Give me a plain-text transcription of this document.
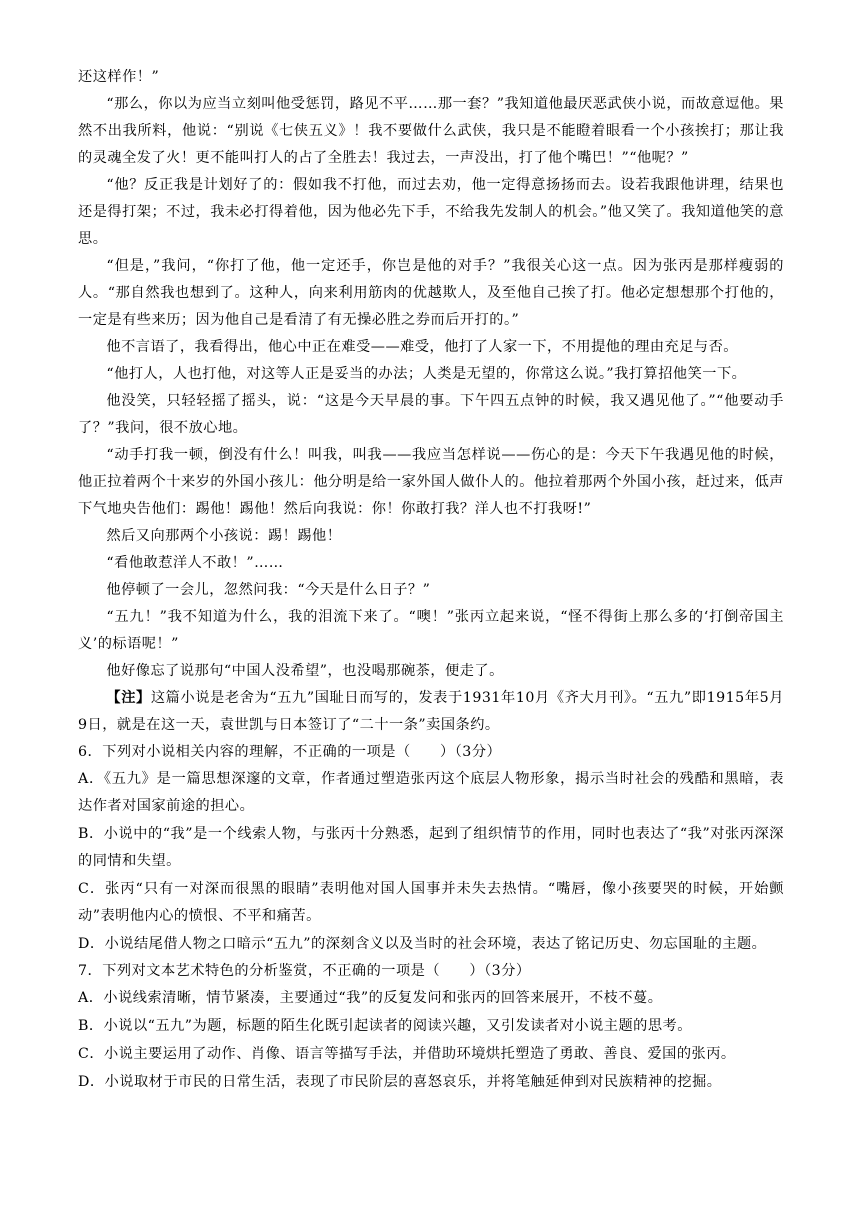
还这样作！”

“那么，你以为应当立刻叫他受惩罚，路见不平……那一套？”我知道他最厌恶武侠小说，而故意逗他。果然不出我所料，他说：“别说《七侠五义》！我不要做什么武侠，我只是不能瞪着眼看一个小孩挨打；那让我的灵魂全发了火！更不能叫打人的占了全胜去！我过去，一声没出，打了他个嘴巴！”“他呢？”

“他？反正我是计划好了的：假如我不打他，而过去劝，他一定得意扬扬而去。设若我跟他讲理，结果也还是得打架；不过，我未必打得着他，因为他必先下手，不给我先发制人的机会。”他又笑了。我知道他笑的意思。

“但是，”我问，“你打了他，他一定还手，你岂是他的对手？”我很关心这一点。因为张丙是那样瘦弱的人。“那自然我也想到了。这种人，向来利用筋肉的优越欺人，及至他自己挨了打。他必定想想那个打他的，一定是有些来历；因为他自己是看清了有无操必胜之券而后开打的。”

他不言语了，我看得出，他心中正在难受——难受，他打了人家一下，不用提他的理由充足与否。

“他打人，人也打他，对这等人正是妥当的办法；人类是无望的，你常这么说。”我打算招他笑一下。

他没笑，只轻轻摇了摇头，说：“这是今天早晨的事。下午四五点钟的时候，我又遇见他了。”“他要动手了？”我问，很不放心地。

“动手打我一顿，倒没有什么！叫我，叫我——我应当怎样说——伤心的是：今天下午我遇见他的时候，他正拉着两个十来岁的外国小孩儿：他分明是给一家外国人做仆人的。他拉着那两个外国小孩，赶过来，低声下气地央告他们：踢他！踢他！然后向我说：你！你敢打我？洋人也不打我呀!”

然后又向那两个小孩说：踢！踢他！

“看他敢惹洋人不敢！”……

他停顿了一会儿，忽然问我：“今天是什么日子？”

“五九！”我不知道为什么，我的泪流下来了。“噢！”张丙立起来说，“怪不得街上那么多的‘打倒帝国主义’的标语呢！”

他好像忘了说那句“中国人没希望”，也没喝那碗茶，便走了。

【注】这篇小说是老舍为“五九”国耻日而写的，发表于1931年10月《齐大月刊》。“五九”即1915年5月9日，就是在这一天，袁世凯与日本签订了“二十一条”卖国条约。

6．下列对小说相关内容的理解，不正确的一项是（　　）（3分）

A．《五九》是一篇思想深邃的文章，作者通过塑造张丙这个底层人物形象，揭示当时社会的残酷和黑暗，表达作者对国家前途的担心。

B．小说中的“我”是一个线索人物，与张丙十分熟悉，起到了组织情节的作用，同时也表达了“我”对张丙深深的同情和失望。

C．张丙“只有一对深而很黑的眼睛”表明他对国人国事并未失去热情。“嘴唇，像小孩要哭的时候，开始颤动”表明他内心的愤恨、不平和痛苦。

D．小说结尾借人物之口暗示“五九”的深刻含义以及当时的社会环境，表达了铭记历史、勿忘国耻的主题。

7．下列对文本艺术特色的分析鉴赏，不正确的一项是（　　）（3分）

A．小说线索清晰，情节紧凑，主要通过“我”的反复发问和张丙的回答来展开，不枝不蔓。

B．小说以“五九”为题，标题的陌生化既引起读者的阅读兴趣，又引发读者对小说主题的思考。

C．小说主要运用了动作、肖像、语言等描写手法，并借助环境烘托塑造了勇敢、善良、爱国的张丙。

D．小说取材于市民的日常生活，表现了市民阶层的喜怒哀乐，并将笔触延伸到对民族精神的挖掘。
